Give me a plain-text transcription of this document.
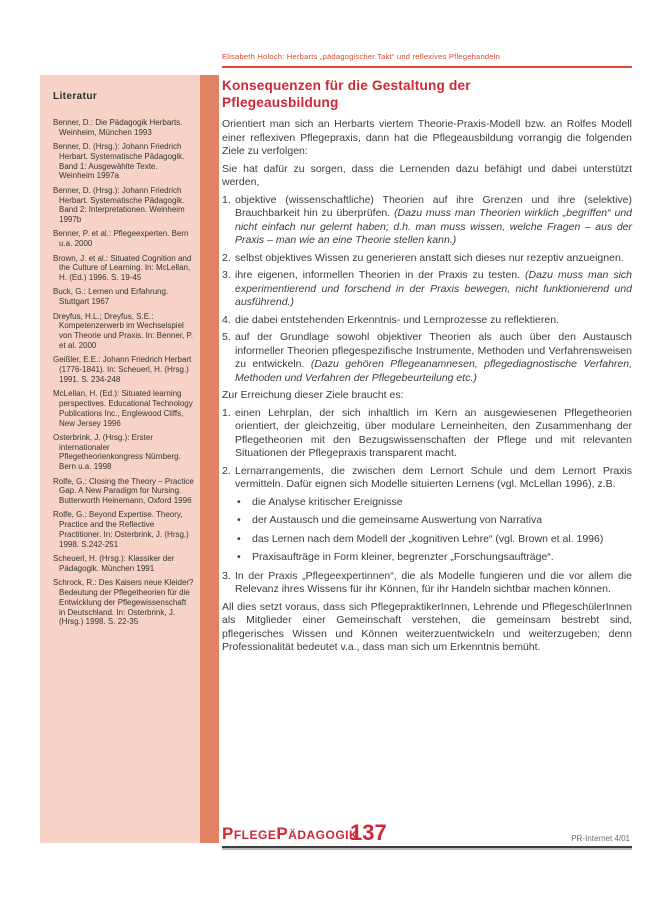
Elisabeth Holoch: Herbarts „pädagogischer Takt“ und reflexives Pflegehandeln
Literatur
Benner, D.: Die Pädagogik Herbarts. Weinheim, München 1993
Benner, D. (Hrsg.): Johann Friedrich Herbart. Systematische Pädagogik. Band 1: Ausgewählte Texte. Weinheim 1997a
Benner, D. (Hrsg.): Johann Friedrich Herbart. Systematische Pädagogik. Band 2: Interpretationen. Weinheim 1997b
Benner, P. et al.: Pflegeexperten. Bern u.a. 2000
Brown, J. et al.: Situated Cognition and the Culture of Learning. In: McLellan, H. (Ed.) 1996. S. 19-45
Buck, G.: Lernen und Erfahrung. Stuttgart 1967
Dreyfus, H.L.; Dreyfus, S.E.: Kompetenzerwerb im Wechselspiel von Theorie und Praxis. In: Benner, P. et al. 2000
Geißler, E.E.: Johann Friedrich Herbart (1776-1841). In: Scheuerl, H. (Hrsg.) 1991. S. 234-248
McLellan, H. (Ed.): Situated learning perspectives. Educational Technology Publications Inc., Englewood Cliffs, New Jersey 1996
Osterbrink, J. (Hrsg.): Erster internationaler Pflegetheorienkongress Nürnberg. Bern u.a. 1998
Rolfe, G.: Closing the Theory – Practice Gap. A New Paradigm for Nursing. Butterworth Heinemann, Oxford 1996
Rolfe, G.: Beyond Expertise. Theory, Practice and the Reflective Practitioner. In: Osterbrink, J. (Hrsg.) 1998. S.242-251
Scheuerl, H. (Hrsg.): Klassiker der Pädagogik. München 1991
Schrock, R.: Des Kaisers neue Kleider? Bedeutung der Pflegetheorien für die Entwicklung der Pflegewissenschaft in Deutschland. In: Osterbrink, J. (Hrsg.) 1998. S. 22-35
Konsequenzen für die Gestaltung der
Pflegeausbildung

Orientiert man sich an Herbarts viertem Theorie-Praxis-Modell bzw. an Rolfes Modell einer reflexiven Pflegepraxis, dann hat die Pflegeausbildung vorrangig die folgenden Ziele zu verfolgen:

Sie hat dafür zu sorgen, dass die Lernenden dazu befähigt und dabei unterstützt werden,

1. objektive (wissenschaftliche) Theorien auf ihre Grenzen und ihre (selektive) Brauchbarkeit hin zu überprüfen. (Dazu muss man Theorien wirklich „begriffen“ und nicht einfach nur gelernt haben; d.h. man muss wissen, welche Fragen – aus der Praxis – man wie an eine Theorie stellen kann.)
2. selbst objektives Wissen zu generieren anstatt sich dieses nur rezeptiv anzueignen.
3. ihre eigenen, informellen Theorien in der Praxis zu testen. (Dazu muss man sich experimentierend und forschend in der Praxis bewegen, nicht funktionierend und ausführend.)
4. die dabei entstehenden Erkenntnis- und Lernprozesse zu reflektieren.
5. auf der Grundlage sowohl objektiver Theorien als auch über den Austausch informeller Theorien pflegespezifische Instrumente, Methoden und Verfahrensweisen zu entwickeln. (Dazu gehören Pflegeanamnesen, pflegediagnostische Verfahren, Methoden und Verfahren der Pflegebeurteilung etc.)

Zur Erreichung dieser Ziele braucht es:

1. einen Lehrplan, der sich inhaltlich im Kern an ausgewiesenen Pflegetheorien orientiert, der gleichzeitig, über modulare Lerneinheiten, den Zusammenhang der Pflegetheorien mit den Bezugswissenschaften der Pflege und mit relevanten Situationen der Pflegepraxis transparent macht.
2. Lernarrangements, die zwischen dem Lernort Schule und dem Lernort Praxis vermitteln. Dafür eignen sich Modelle situierten Lernens (vgl. McLellan 1996), z.B.
• die Analyse kritischer Ereignisse
• der Austausch und die gemeinsame Auswertung von Narrativa
• das Lernen nach dem Modell der „kognitiven Lehre“ (vgl. Brown et al. 1996)
• Praxisaufträge in Form kleiner, begrenzter „Forschungsaufträge“.
3. In der Praxis „Pflegeexpertinnen“, die als Modelle fungieren und die vor allem die Relevanz ihres Wissens für ihr Können, für ihr Handeln sichtbar machen können.

All dies setzt voraus, dass sich PflegepraktikerInnen, Lehrende und PflegeschülerInnen als Mitglieder einer Gemeinschaft verstehen, die gemeinsam bestrebt sind, pflegerisches Wissen und Können weiterzuentwickeln und weiterzugeben; denn Professionalität bedeutet v.a., dass man sich um Erkenntnis bemüht.

PflegePädagogik
137	PR-Internet 4/01
